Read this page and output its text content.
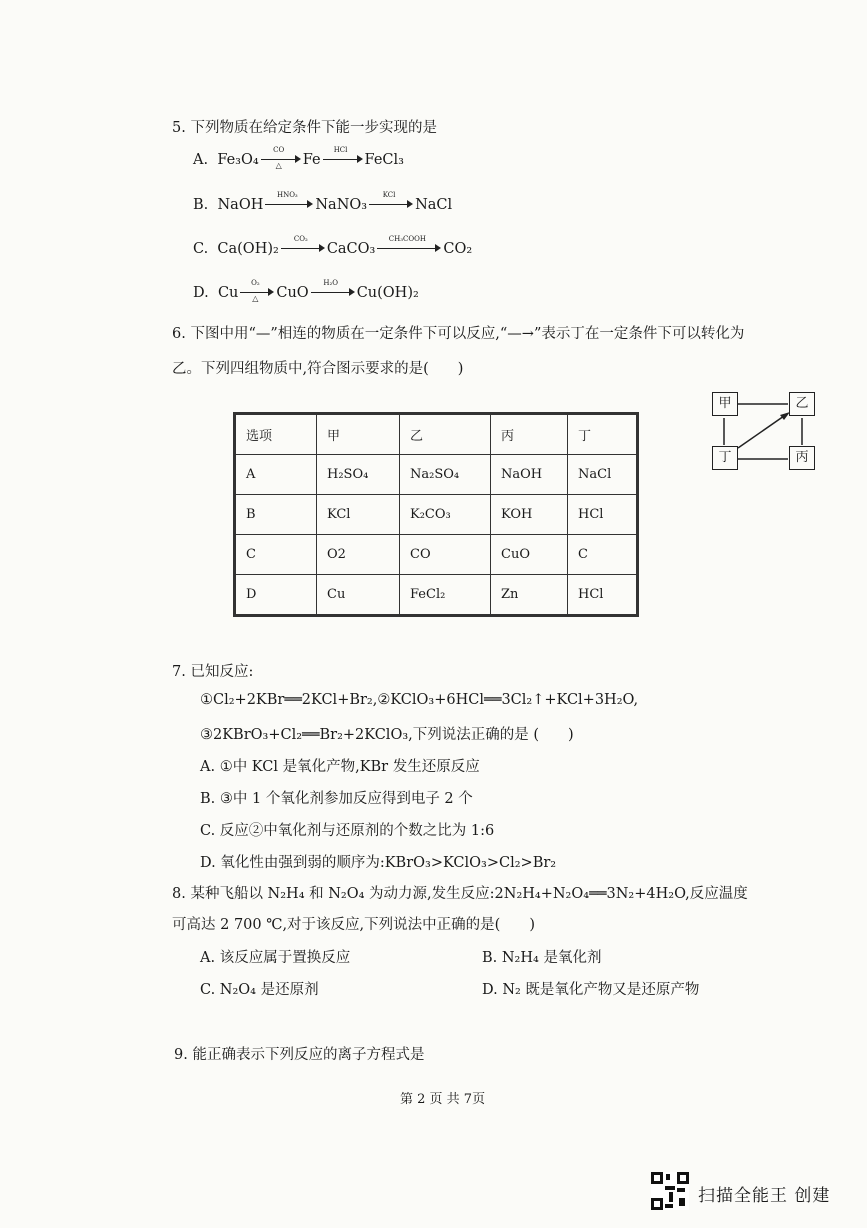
5. 下列物质在给定条件下能一步实现的是
A. Fe₃O₄
CO
△	Fe
HCl
FeCl₃
B. NaOH
HNO₃
NaNO₃
KCl
NaCl
C. Ca(OH)₂
CO₂
CaCO₃
CH₃COOH
CO₂
D. Cu
O₂
△	CuO
H₂O
Cu(OH)₂
6. 下图中用“—”相连的物质在一定条件下可以反应,“—→”表示丁在一定条件下可以转化为
乙。下列四组物质中,符合图示要求的是(　　)
选项	甲	乙	丙	丁
A	H₂SO₄	Na₂SO₄	NaOH	NaCl
B	KCl	K₂CO₃	KOH	HCl
C	O2	CO	CuO	C
D	Cu	FeCl₂	Zn	HCl
甲	乙
丁	丙
7. 已知反应:
①Cl₂+2KBr══2KCl+Br₂,②KClO₃+6HCl══3Cl₂↑+KCl+3H₂O,
③2KBrO₃+Cl₂══Br₂+2KClO₃,下列说法正确的是 (　　)
A. ①中 KCl 是氧化产物,KBr 发生还原反应
B. ③中 1 个氧化剂参加反应得到电子 2 个
C. 反应②中氧化剂与还原剂的个数之比为 1:6
D. 氧化性由强到弱的顺序为:KBrO₃>KClO₃>Cl₂>Br₂
8. 某种飞船以 N₂H₄ 和 N₂O₄ 为动力源,发生反应:2N₂H₄+N₂O₄══3N₂+4H₂O,反应温度
可高达 2 700 ℃,对于该反应,下列说法中正确的是(　　)
A. 该反应属于置换反应	B. N₂H₄ 是氧化剂
C. N₂O₄ 是还原剂	D. N₂ 既是氧化产物又是还原产物
9. 能正确表示下列反应的离子方程式是
第 2 页 共 7页
扫描全能王 创建
